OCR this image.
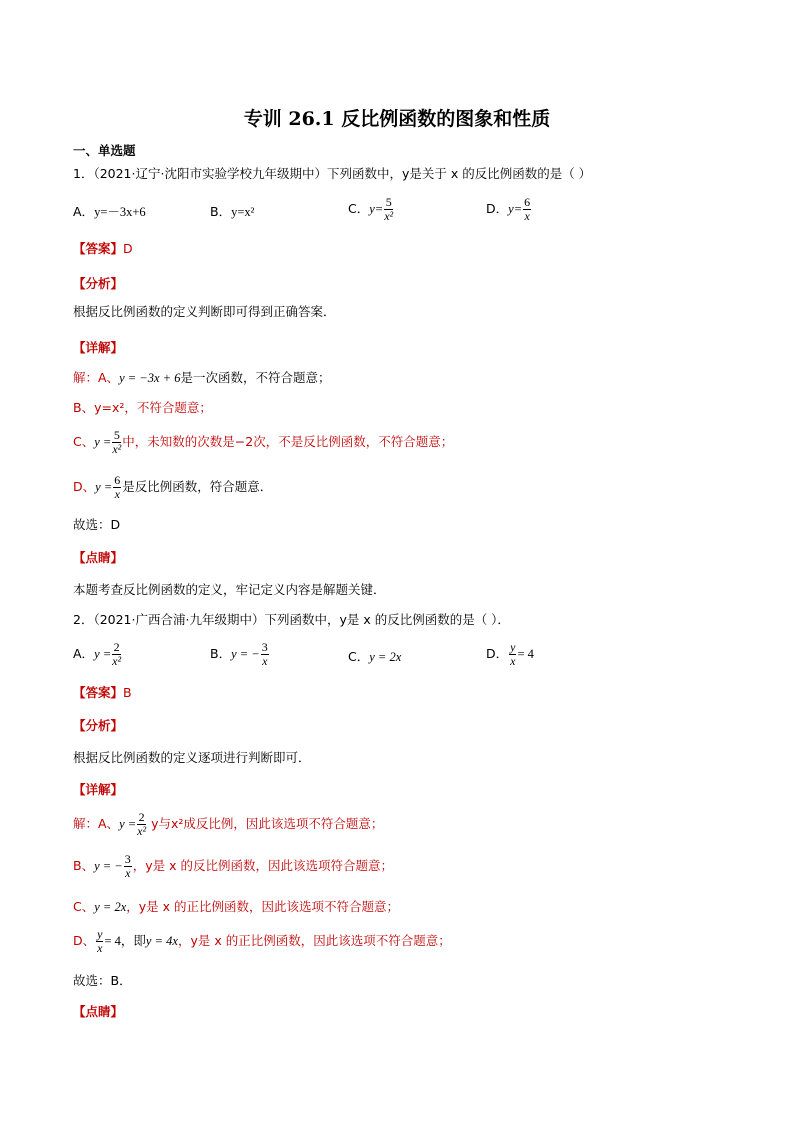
专训 26.1 反比例函数的图象和性质
一、单选题
1．（2021·辽宁·沈阳市实验学校九年级期中）下列函数中，y是关于 x 的反比例函数的是（ ）
A．y=－3x+6	B．y=x²	C．$y= \frac{5}{\text{x²}}$	D．$y= \frac{6}{x}$
【答案】D
【分析】
根据反比例函数的定义判断即可得到正确答案．
【详解】
解：A、y = −3x + 6是一次函数，不符合题意；
B、y=x²，不符合题意；
C、$y = \frac{5}{\text{x²}}$ 中，未知数的次数是−2次，不是反比例函数，不符合题意；
D、$y = \frac{6}{x}$ 是反比例函数，符合题意．
故选：D
【点睛】
本题考查反比例函数的定义，牢记定义内容是解题关键．
2．（2021·广西合浦·九年级期中）下列函数中，y是 x 的反比例函数的是（ ）．
A．$y = \frac{2}{\text{x²}}$	B．y = − $\frac{3}{x}$	C．y = 2x	D． $\frac{y}{x} = 4$
【答案】B
【分析】
根据反比例函数的定义逐项进行判断即可．
【详解】
解：A、$y = \frac{2}{\text{x²}}$ y与x²成反比例，因此该选项不符合题意；
B、y = − $\frac{3}{x}$ ，y是 x 的反比例函数，因此该选项符合题意；
C、y = 2x，y是 x 的正比例函数，因此该选项不符合题意；
D、 $\frac{y}{x} = 4$，即y = 4x，y是 x 的正比例函数，因此该选项不符合题意；
故选：B．
【点睛】
